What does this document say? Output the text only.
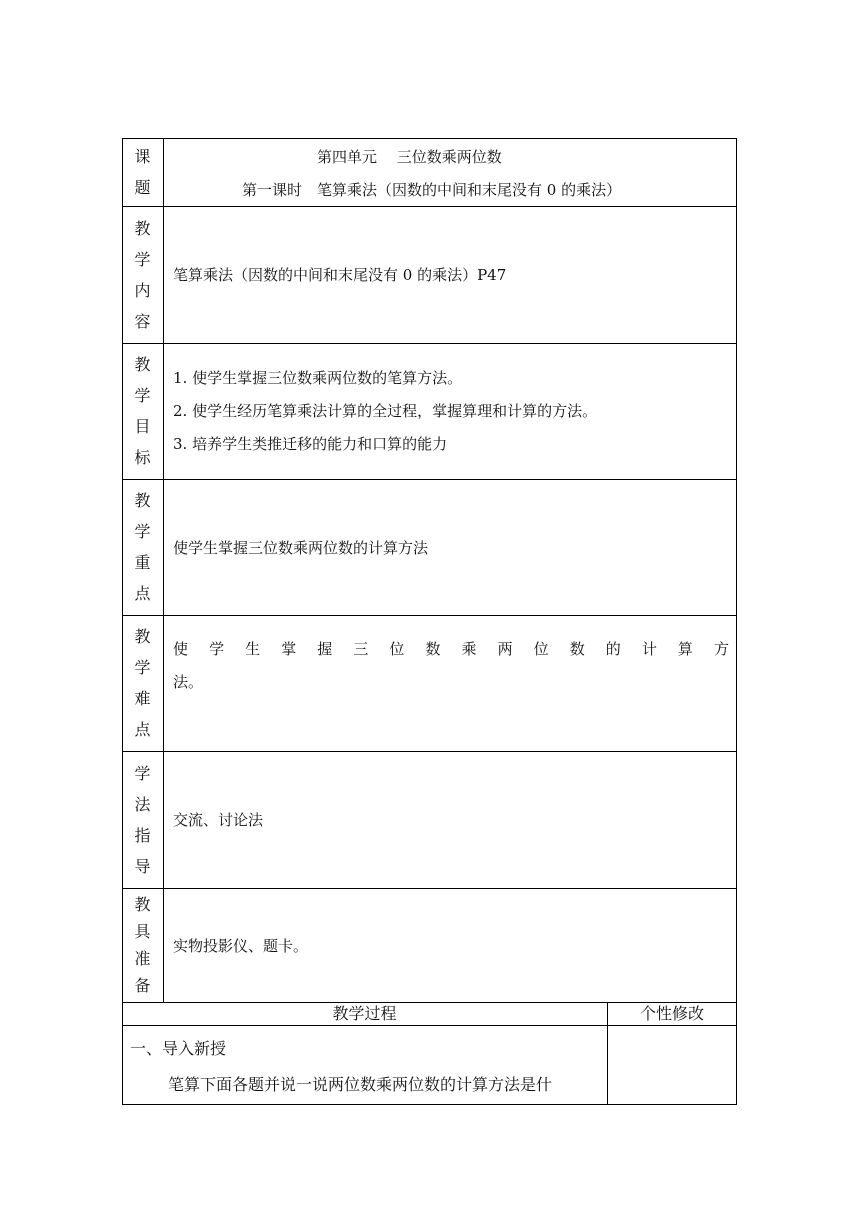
课
题
第四单元　 三位数乘两位数
第一课时　笔算乘法（因数的中间和末尾没有 0 的乘法）
教
学
内
容
笔算乘法（因数的中间和末尾没有 0 的乘法）P47
教
学
目
标
1. 使学生掌握三位数乘两位数的笔算方法。
2. 使学生经历笔算乘法计算的全过程，掌握算理和计算的方法。
3. 培养学生类推迁移的能力和口算的能力
教
学
重
点
使学生掌握三位数乘两位数的计算方法
教
学
难
点
使 学 生 掌 握 三 位 数 乘 两 位 数 的 计 算 方
法。
学
法
指
导
交流、讨论法
教
具
准
备
实物投影仪、题卡。
教学过程	个性修改
一、导入新授
笔算下面各题并说一说两位数乘两位数的计算方法是什
